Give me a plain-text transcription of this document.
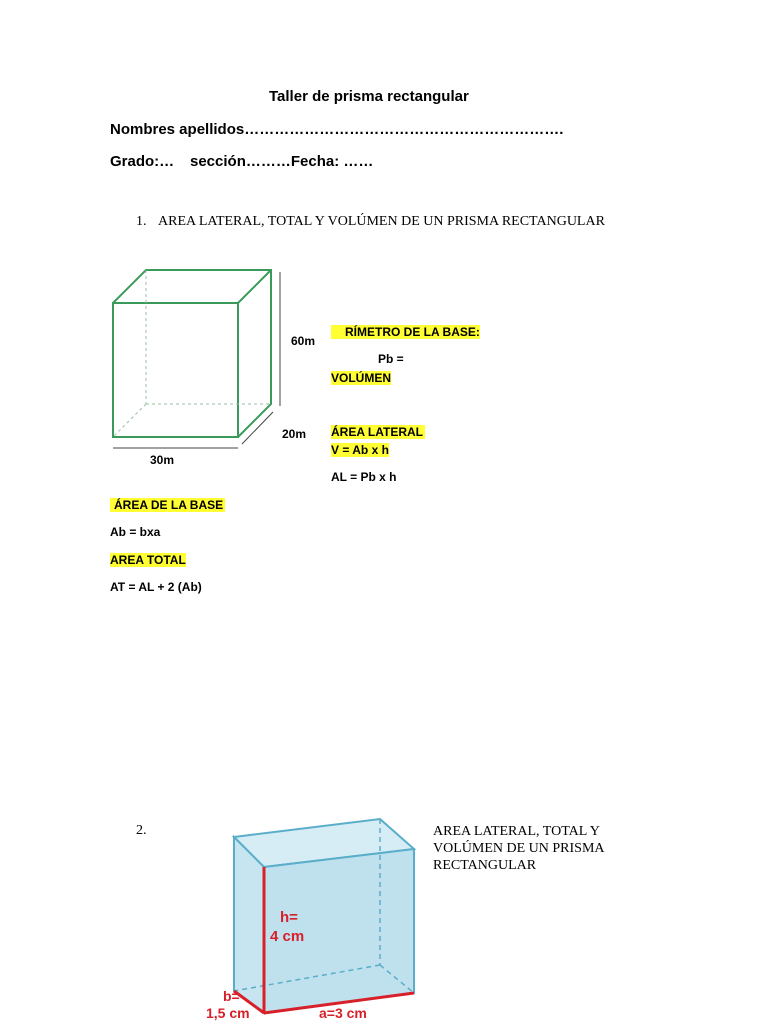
Taller de prisma rectangular
Nombres apellidos……………………………………………………….
Grado:… sección………Fecha: ……
1. AREA LATERAL, TOTAL Y VOLÚMEN DE UN PRISMA RECTANGULAR
60m
20m
30m
RÍMETRO DE LA BASE:
Pb =
VOLÚMEN
ÁREA LATERAL
V = Ab x h
AL = Pb x h
ÁREA DE LA BASE
Ab = bxa
AREA TOTAL
AT = AL + 2 (Ab)
2.	AREA LATERAL, TOTAL Y VOLÚMEN DE UN PRISMA RECTANGULAR
h=
4 cm
b=
1,5 cm	a=3 cm
